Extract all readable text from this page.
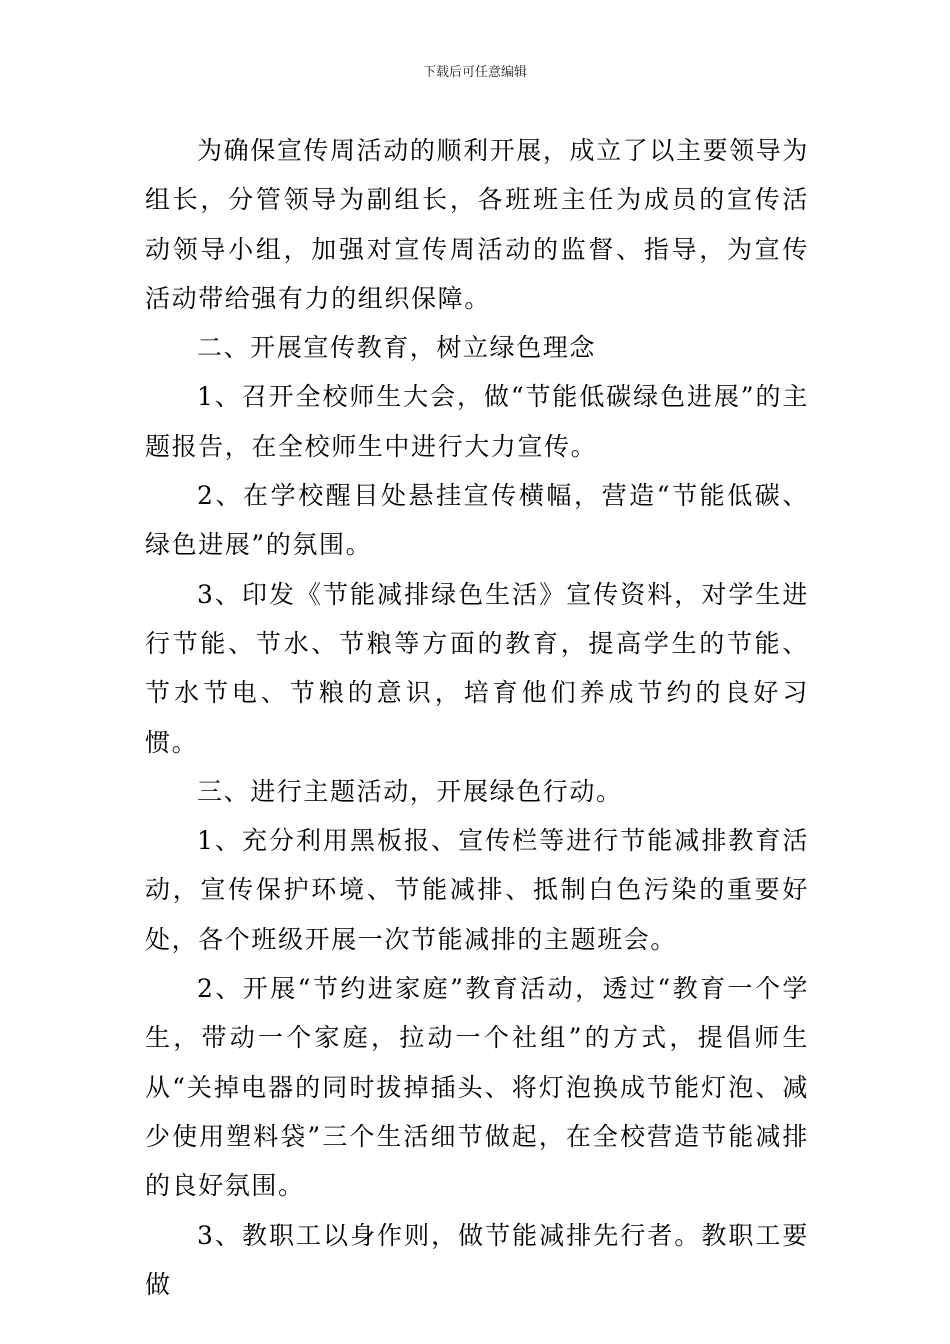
下载后可任意编辑

为确保宣传周活动的顺利开展，成立了以主要领导为组长，分管领导为副组长，各班班主任为成员的宣传活动领导小组，加强对宣传周活动的监督、指导，为宣传活动带给强有力的组织保障。

二、开展宣传教育，树立绿色理念

1、召开全校师生大会，做“节能低碳绿色进展”的主题报告，在全校师生中进行大力宣传。

2、在学校醒目处悬挂宣传横幅，营造“节能低碳、绿色进展”的氛围。

3、印发《节能减排绿色生活》宣传资料，对学生进行节能、节水、节粮等方面的教育，提高学生的节能、节水节电、节粮的意识，培育他们养成节约的良好习惯。

三、进行主题活动，开展绿色行动。

1、充分利用黑板报、宣传栏等进行节能减排教育活动，宣传保护环境、节能减排、抵制白色污染的重要好处，各个班级开展一次节能减排的主题班会。

2、开展“节约进家庭”教育活动，透过“教育一个学生，带动一个家庭，拉动一个社组”的方式，提倡师生从“关掉电器的同时拔掉插头、将灯泡换成节能灯泡、减少使用塑料袋”三个生活细节做起，在全校营造节能减排的良好氛围。

3、教职工以身作则，做节能减排先行者。教职工要做
